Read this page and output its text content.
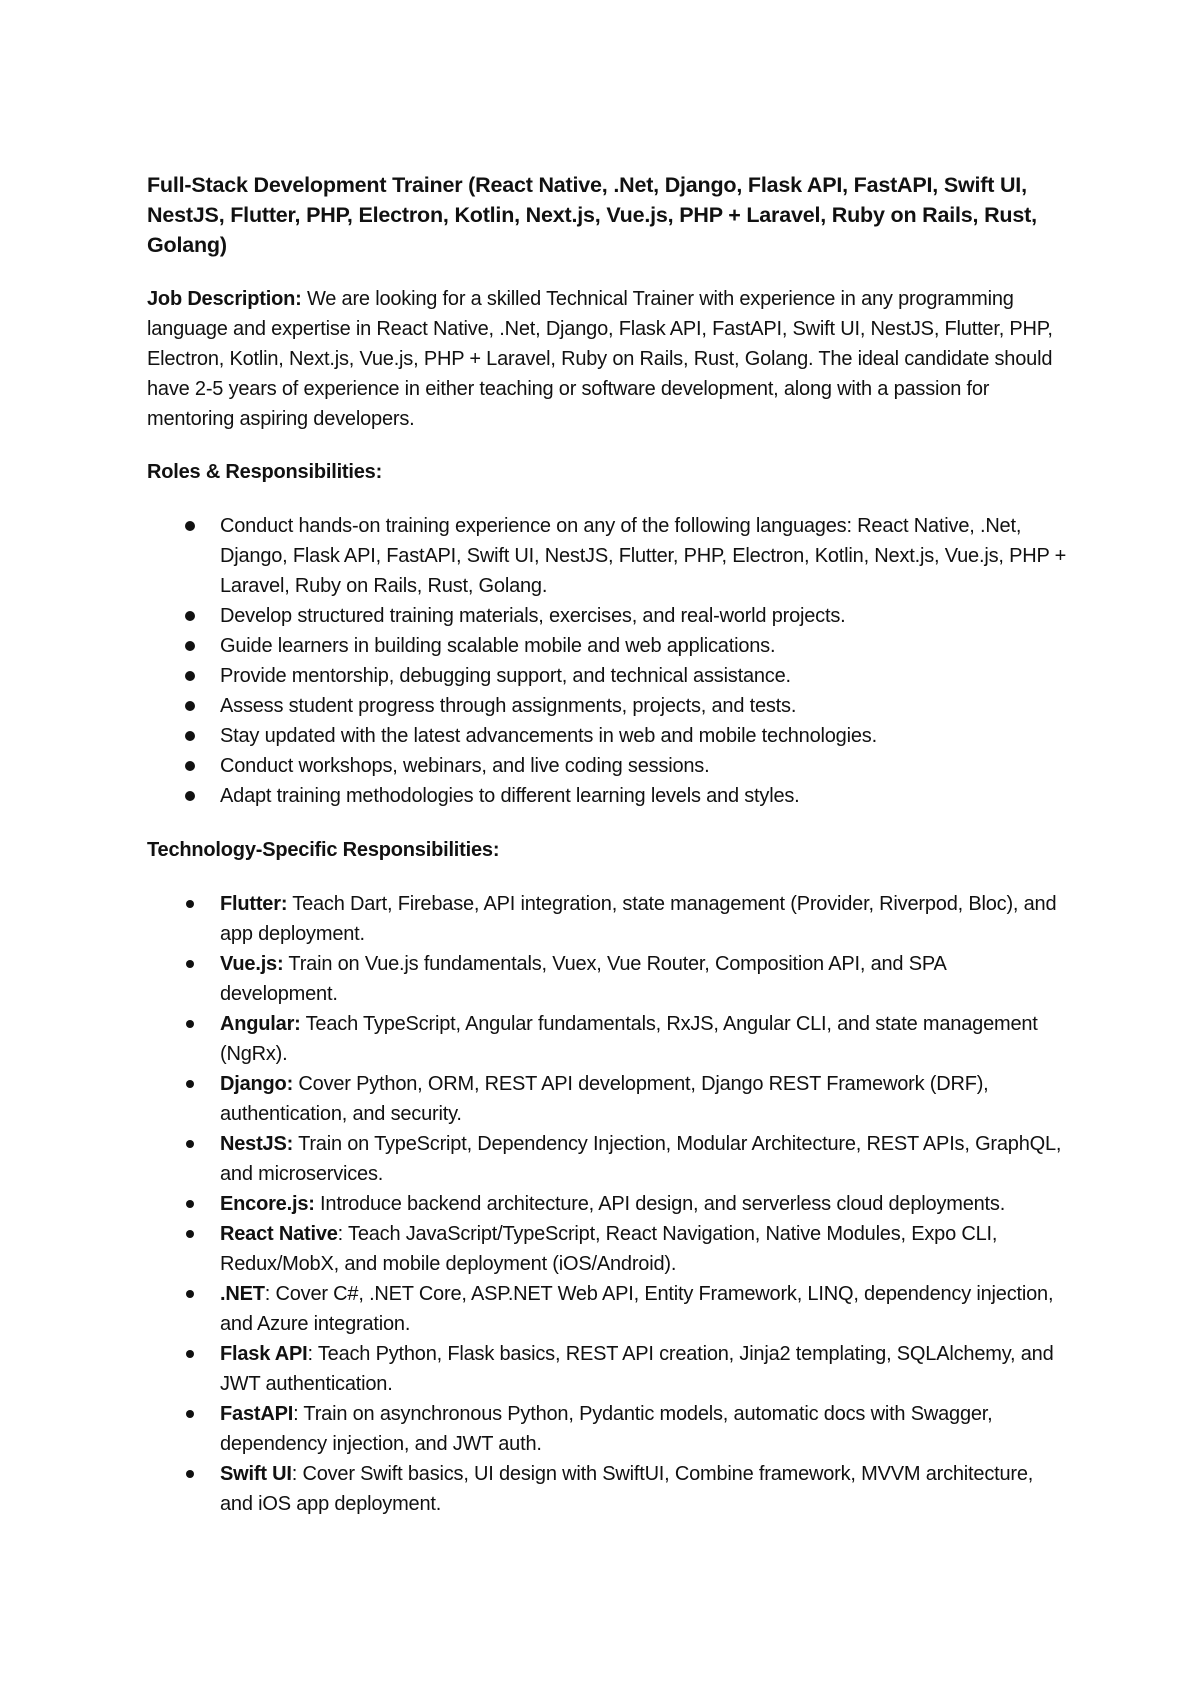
Full-Stack Development Trainer (React Native, .Net, Django, Flask API, FastAPI, Swift UI, NestJS, Flutter, PHP, Electron, Kotlin, Next.js, Vue.js, PHP + Laravel, Ruby on Rails, Rust, Golang)

Job Description: We are looking for a skilled Technical Trainer with experience in any programming language and expertise in React Native, .Net, Django, Flask API, FastAPI, Swift UI, NestJS, Flutter, PHP, Electron, Kotlin, Next.js, Vue.js, PHP + Laravel, Ruby on Rails, Rust, Golang. The ideal candidate should have 2-5 years of experience in either teaching or software development, along with a passion for mentoring aspiring developers.

Roles & Responsibilities:
Conduct hands-on training experience on any of the following languages: React Native, .Net, Django, Flask API, FastAPI, Swift UI, NestJS, Flutter, PHP, Electron, Kotlin, Next.js, Vue.js, PHP + Laravel, Ruby on Rails, Rust, Golang.
Develop structured training materials, exercises, and real-world projects.
Guide learners in building scalable mobile and web applications.
Provide mentorship, debugging support, and technical assistance.
Assess student progress through assignments, projects, and tests.
Stay updated with the latest advancements in web and mobile technologies.
Conduct workshops, webinars, and live coding sessions.
Adapt training methodologies to different learning levels and styles.
Technology-Specific Responsibilities:
Flutter: Teach Dart, Firebase, API integration, state management (Provider, Riverpod, Bloc), and app deployment.
Vue.js: Train on Vue.js fundamentals, Vuex, Vue Router, Composition API, and SPA development.
Angular: Teach TypeScript, Angular fundamentals, RxJS, Angular CLI, and state management (NgRx).
Django: Cover Python, ORM, REST API development, Django REST Framework (DRF), authentication, and security.
NestJS: Train on TypeScript, Dependency Injection, Modular Architecture, REST APIs, GraphQL, and microservices.
Encore.js: Introduce backend architecture, API design, and serverless cloud deployments.
React Native: Teach JavaScript/TypeScript, React Navigation, Native Modules, Expo CLI, Redux/MobX, and mobile deployment (iOS/Android).
.NET: Cover C#, .NET Core, ASP.NET Web API, Entity Framework, LINQ, dependency injection, and Azure integration.
Flask API: Teach Python, Flask basics, REST API creation, Jinja2 templating, SQLAlchemy, and JWT authentication.
FastAPI: Train on asynchronous Python, Pydantic models, automatic docs with Swagger, dependency injection, and JWT auth.
Swift UI: Cover Swift basics, UI design with SwiftUI, Combine framework, MVVM architecture, and iOS app deployment.
